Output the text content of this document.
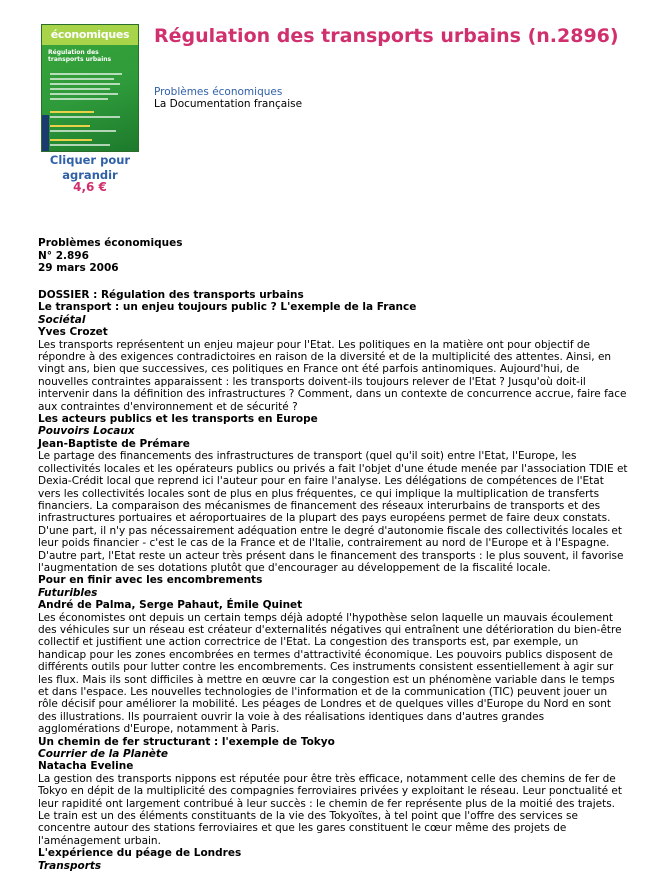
économiques
Régulation des transports urbains
Cliquer pour agrandir
4,6 €
Régulation des transports urbains (n.2896)
Problèmes économiques
La Documentation française
Problèmes économiques
N° 2.896
29 mars 2006
DOSSIER : Régulation des transports urbains
Le transport : un enjeu toujours public ? L'exemple de la France
Sociétal
Yves Crozet

Les transports représentent un enjeu majeur pour l'Etat. Les politiques en la matière ont pour objectif de répondre à des exigences contradictoires en raison de la diversité et de la multiplicité des attentes. Ainsi, en vingt ans, bien que successives, ces politiques en France ont été parfois antinomiques. Aujourd'hui, de nouvelles contraintes apparaissent : les transports doivent-ils toujours relever de l'Etat ? Jusqu'où doit-il intervenir dans la définition des infrastructures ? Comment, dans un contexte de concurrence accrue, faire face aux contraintes d'environnement et de sécurité ?

Les acteurs publics et les transports en Europe
Pouvoirs Locaux
Jean-Baptiste de Prémare

Le partage des financements des infrastructures de transport (quel qu'il soit) entre l'Etat, l'Europe, les collectivités locales et les opérateurs publics ou privés a fait l'objet d'une étude menée par l'association TDIE et Dexia-Crédit local que reprend ici l'auteur pour en faire l'analyse. Les délégations de compétences de l'Etat vers les collectivités locales sont de plus en plus fréquentes, ce qui implique la multiplication de transferts financiers. La comparaison des mécanismes de financement des réseaux interurbains de transports et des infrastructures portuaires et aéroportuaires de la plupart des pays européens permet de faire deux constats. D'une part, il n'y pas nécessairement adéquation entre le degré d'autonomie fiscale des collectivités locales et leur poids financier - c'est le cas de la France et de l'Italie, contrairement au nord de l'Europe et à l'Espagne. D'autre part, l'Etat reste un acteur très présent dans le financement des transports : le plus souvent, il favorise l'augmentation de ses dotations plutôt que d'encourager au développement de la fiscalité locale.

Pour en finir avec les encombrements
Futuribles
André de Palma, Serge Pahaut, Émile Quinet

Les économistes ont depuis un certain temps déjà adopté l'hypothèse selon laquelle un mauvais écoulement des véhicules sur un réseau est créateur d'externalités négatives qui entraînent une détérioration du bien-être collectif et justifient une action correctrice de l'Etat. La congestion des transports est, par exemple, un handicap pour les zones encombrées en termes d'attractivité économique. Les pouvoirs publics disposent de différents outils pour lutter contre les encombrements. Ces instruments consistent essentiellement à agir sur les flux. Mais ils sont difficiles à mettre en œuvre car la congestion est un phénomène variable dans le temps et dans l'espace. Les nouvelles technologies de l'information et de la communication (TIC) peuvent jouer un rôle décisif pour améliorer la mobilité. Les péages de Londres et de quelques villes d'Europe du Nord en sont des illustrations. Ils pourraient ouvrir la voie à des réalisations identiques dans d'autres grandes agglomérations d'Europe, notamment à Paris.

Un chemin de fer structurant : l'exemple de Tokyo
Courrier de la Planète
Natacha Eveline

La gestion des transports nippons est réputée pour être très efficace, notamment celle des chemins de fer de Tokyo en dépit de la multiplicité des compagnies ferroviaires privées y exploitant le réseau. Leur ponctualité et leur rapidité ont largement contribué à leur succès : le chemin de fer représente plus de la moitié des trajets. Le train est un des éléments constituants de la vie des Tokyoïtes, à tel point que l'offre des services se concentre autour des stations ferroviaires et que les gares constituent le cœur même des projets de l'aménagement urbain.

L'expérience du péage de Londres
Transports
